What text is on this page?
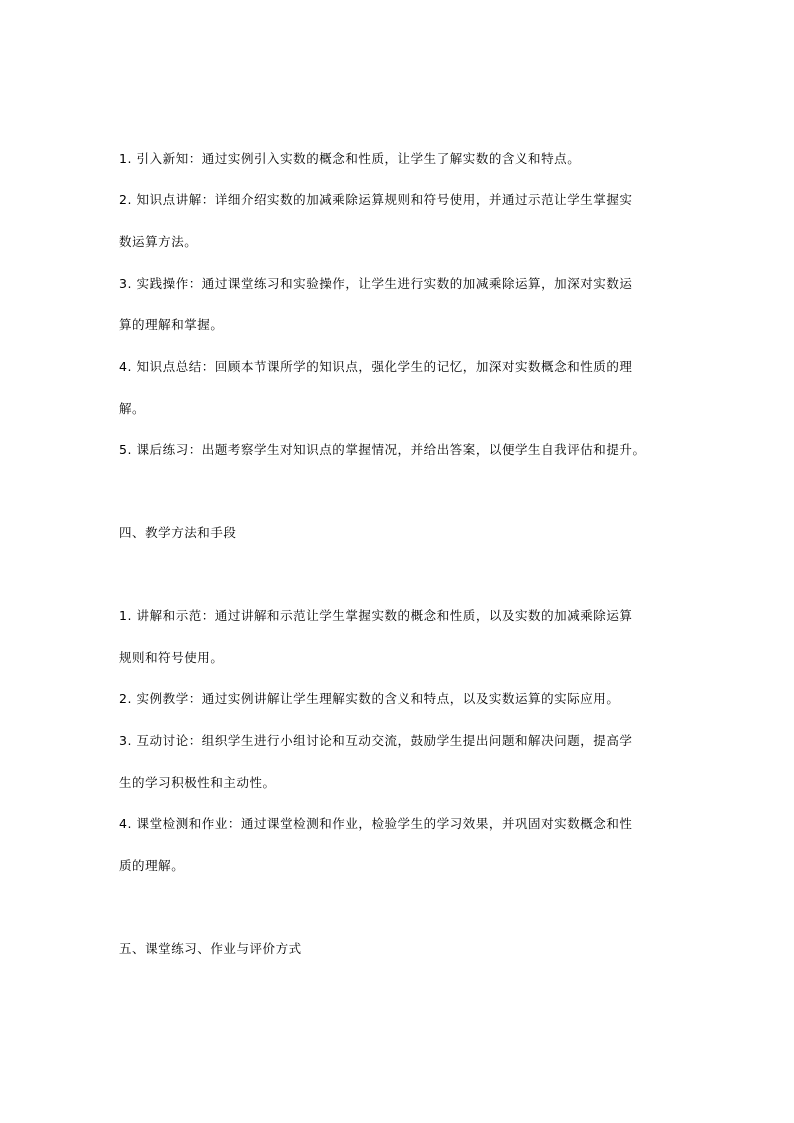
1. 引入新知：通过实例引入实数的概念和性质，让学生了解实数的含义和特点。
2. 知识点讲解：详细介绍实数的加减乘除运算规则和符号使用，并通过示范让学生掌握实
数运算方法。
3. 实践操作：通过课堂练习和实验操作，让学生进行实数的加减乘除运算，加深对实数运
算的理解和掌握。
4. 知识点总结：回顾本节课所学的知识点，强化学生的记忆，加深对实数概念和性质的理
解。
5. 课后练习：出题考察学生对知识点的掌握情况，并给出答案，以便学生自我评估和提升。
四、教学方法和手段
1. 讲解和示范：通过讲解和示范让学生掌握实数的概念和性质，以及实数的加减乘除运算
规则和符号使用。
2. 实例教学：通过实例讲解让学生理解实数的含义和特点，以及实数运算的实际应用。
3. 互动讨论：组织学生进行小组讨论和互动交流，鼓励学生提出问题和解决问题，提高学
生的学习积极性和主动性。
4. 课堂检测和作业：通过课堂检测和作业，检验学生的学习效果，并巩固对实数概念和性
质的理解。
五、课堂练习、作业与评价方式
